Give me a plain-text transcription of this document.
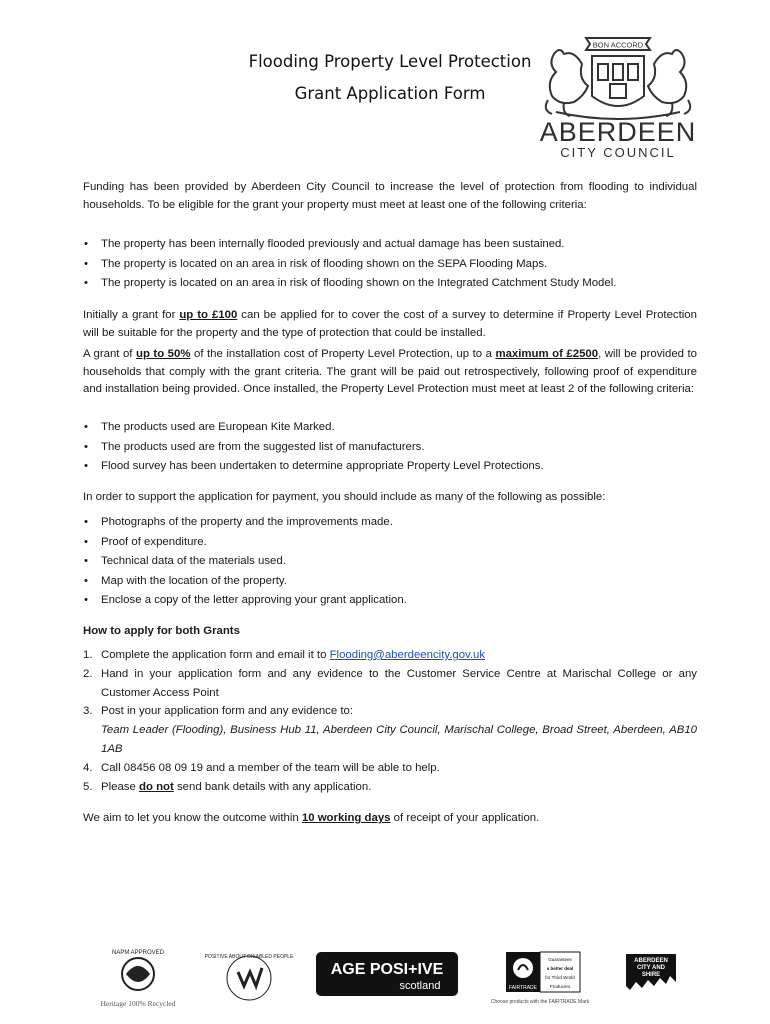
Flooding Property Level Protection
Grant Application Form
BON ACCORD
ABERDEEN
CITY COUNCIL

Funding has been provided by Aberdeen City Council to increase the level of protection from flooding to individual households. To be eligible for the grant your property must meet at least one of the following criteria:

• The property has been internally flooded previously and actual damage has been sustained.
• The property is located on an area in risk of flooding shown on the SEPA Flooding Maps.
• The property is located on an area in risk of flooding shown on the Integrated Catchment Study Model.

Initially a grant for up to £100 can be applied for to cover the cost of a survey to determine if Property Level Protection will be suitable for the property and the type of protection that could be installed.

A grant of up to 50% of the installation cost of Property Level Protection, up to a maximum of £2500, will be provided to households that comply with the grant criteria. The grant will be paid out retrospectively, following proof of expenditure and installation being provided. Once installed, the Property Level Protection must meet at least 2 of the following criteria:

• The products used are European Kite Marked.
• The products used are from the suggested list of manufacturers.
• Flood survey has been undertaken to determine appropriate Property Level Protections.

In order to support the application for payment, you should include as many of the following as possible:

• Photographs of the property and the improvements made.
• Proof of expenditure.
• Technical data of the materials used.
• Map with the location of the property.
• Enclose a copy of the letter approving your grant application.

How to apply for both Grants

1. Complete the application form and email it to Flooding@aberdeencity.gov.uk
2. Hand in your application form and any evidence to the Customer Service Centre at Marischal College or any Customer Access Point
3. Post in your application form and any evidence to:
Team Leader (Flooding), Business Hub 11, Aberdeen City Council, Marischal College, Broad Street, Aberdeen, AB10 1AB
4. Call 08456 08 09 19 and a member of the team will be able to help.
5. Please do not send bank details with any application.

We aim to let you know the outcome within 10 working days of receipt of your application.

NAPM APPROVED
Heritage 100% Recycled
POSITIVE ABOUT DISABLED PEOPLE
AGE POSI+IVE
scotland	FAIRTRADE
Guarantees
a better deal
for Third World
Producers
Choose products with the FAIRTRADE Mark
ABERDEEN
CITY AND
SHIRE
